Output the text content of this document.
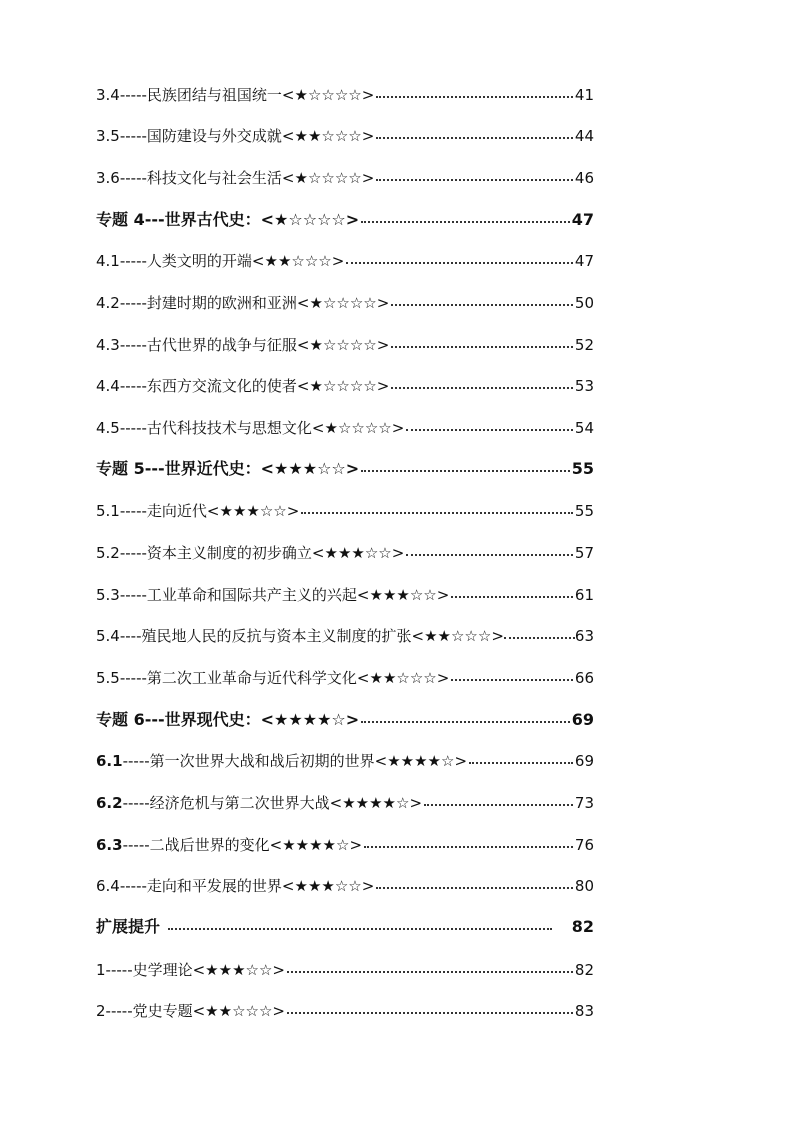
3.4 -----民族团结与祖国统一<★☆☆☆☆>	41
3.5 -----国防建设与外交成就<★★☆☆☆>	44
3.6 -----科技文化与社会生活<★☆☆☆☆>	46
专题 4 ---世界古代史：<★☆☆☆☆>	47
4.1 -----人类文明的开端<★★☆☆☆>	47
4.2 -----封建时期的欧洲和亚洲<★☆☆☆☆>	50
4.3 -----古代世界的战争与征服<★☆☆☆☆>	52
4.4 -----东西方交流文化的使者<★☆☆☆☆>	53
4.5 -----古代科技技术与思想文化<★☆☆☆☆>	54
专题 5 ---世界近代史：<★★★☆☆>	55
5.1 -----走向近代<★★★☆☆>	55
5.2 -----资本主义制度的初步确立<★★★☆☆>	57
5.3 -----工业革命和国际共产主义的兴起<★★★☆☆>	61
5.4 ----殖民地人民的反抗与资本主义制度的扩张<★★☆☆☆>	63
5.5 -----第二次工业革命与近代科学文化<★★☆☆☆>	66
专题 6 ---世界现代史：<★★★★☆>	69
6.1 -----第一次世界大战和战后初期的世界<★★★★☆>	69
6.2 -----经济危机与第二次世界大战<★★★★☆>	73
6.3 -----二战后世界的变化<★★★★☆>	76
6.4 -----走向和平发展的世界<★★★☆☆>	80
扩展提升	82
1 -----史学理论<★★★☆☆>	82
2 -----党史专题<★★☆☆☆>	83
